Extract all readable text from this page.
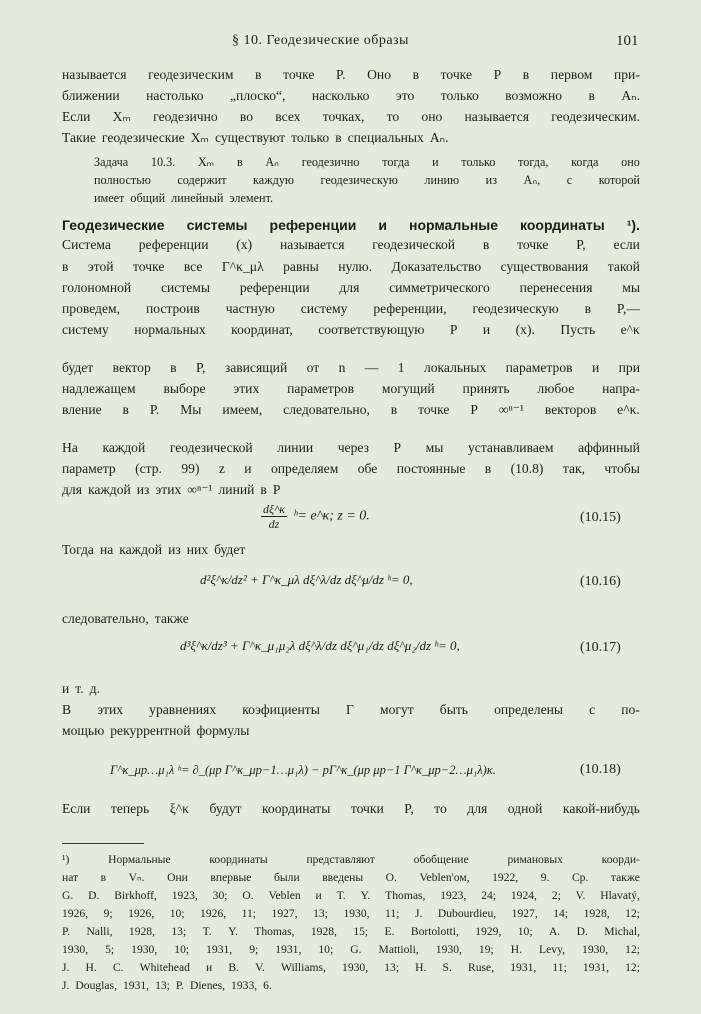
§ 10. Геодезические образы	101
называется геодезическим в точке P. Оно в точке P в первом при-
ближении настолько „плоско“, насколько это только возможно в Aₙ.
Если Xₘ геодезично во всех точках, то оно называется геодезическим.
Такие геодезические Xₘ существуют только в специальных Aₙ.
Задача 10.3. Xₘ в Aₙ геодезично тогда и только тогда, когда оно
полностью содержит каждую геодезическую линию из Aₙ, с которой
имеет общий линейный элемент.
Геодезические системы референции и нормальные координаты ¹).
Система референции (x) называется геодезической в точке P, если
в этой точке все Γ^κ_μλ равны нулю. Доказательство существования такой
голономной системы референции для симметрического перенесения мы
проведем, построив частную систему референции, геодезическую в P,—
систему нормальных координат, соответствующую P и (x). Пусть e^κ
будет вектор в P, зависящий от n — 1 локальных параметров и при
надлежащем выборе этих параметров могущий принять любое напра-
вление в P. Мы имеем, следовательно, в точке P ∞ⁿ⁻¹ векторов e^κ.
На каждой геодезической линии через P мы устанавливаем аффинный
параметр (стр. 99) z и определяем обе постоянные в (10.8) так, чтобы
для каждой из этих ∞ⁿ⁻¹ линий в P
Тогда на каждой из них будет
следовательно, также
и т. д.
В этих уравнениях коэфициенты Γ могут быть определены с по-
мощью рекуррентной формулы
Если теперь ξ^κ будут координаты точки P, то для одной какой-нибудь
¹)	Нормальные	координаты	представляют	обобщение	римановых	коорди-
нат в Vₙ. Они впервые были введены O. Veblen'ом, 1922, 9. Ср. также
G. D. Birkhoff, 1923, 30; O. Veblen и T. Y. Thomas, 1923, 24; 1924, 2; V. Hlavatý,
1926, 9; 1926, 10; 1926, 11; 1927, 13; 1930, 11; J. Dubourdieu, 1927, 14; 1928, 12;
P. Nalli, 1928, 13; T. Y. Thomas, 1928, 15; E. Bortolotti, 1929, 10; A. D. Michal,
1930, 5; 1930, 10; 1931, 9; 1931, 10; G. Mattioli, 1930, 19; H. Levy, 1930, 12;
J. H. C. Whitehead и B. V. Williams, 1930, 13; H. S. Ruse, 1931, 11; 1931, 12;
J. Douglas, 1931, 13; P. Dienes, 1933, 6.
$\frac{d\xi\^{}\kappa}{dz}$ ʰ= e^κ; z = 0.	(10.15)
d²ξ^κ/dz² + Γ^κ_μλ dξ^λ/dz dξ^μ/dz ʰ= 0,	(10.16)
d³ξ^κ/dz³ + Γ^κ_μ₁μ₂λ dξ^λ/dz dξ^μ₁/dz dξ^μ₂/dz ʰ= 0,	(10.17)
Γ^κ_μp…μ₁λ ʰ= ∂_(μp Γ^κ_μp−1…μ₁λ) − pΓ^κ_(μp μp−1 Γ^κ_μp−2…μ₁λ)κ.	(10.18)
